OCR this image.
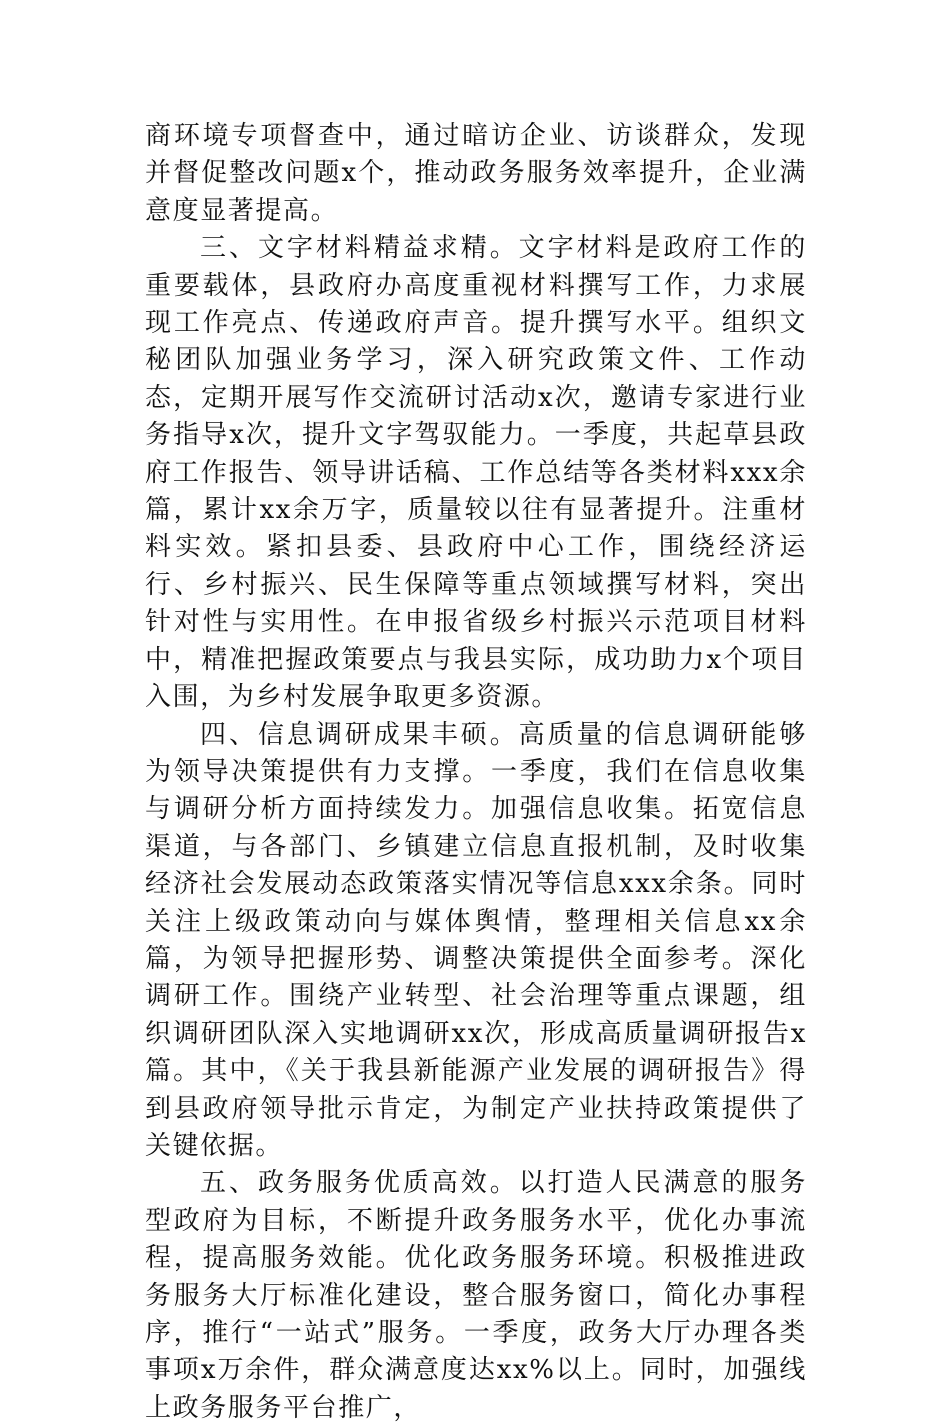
商环境专项督查中，通过暗访企业、访谈群众，发现并督促整改问题x个，推动政务服务效率提升，企业满意度显著提高。

三、文字材料精益求精。文字材料是政府工作的重要载体，县政府办高度重视材料撰写工作，力求展现工作亮点、传递政府声音。提升撰写水平。组织文秘团队加强业务学习，深入研究政策文件、工作动态，定期开展写作交流研讨活动x次，邀请专家进行业务指导x次，提升文字驾驭能力。一季度，共起草县政府工作报告、领导讲话稿、工作总结等各类材料xxx余篇，累计xx余万字，质量较以往有显著提升。注重材料实效。紧扣县委、县政府中心工作，围绕经济运行、乡村振兴、民生保障等重点领域撰写材料，突出针对性与实用性。在申报省级乡村振兴示范项目材料中，精准把握政策要点与我县实际，成功助力x个项目入围，为乡村发展争取更多资源。

四、信息调研成果丰硕。高质量的信息调研能够为领导决策提供有力支撑。一季度，我们在信息收集与调研分析方面持续发力。加强信息收集。拓宽信息渠道，与各部门、乡镇建立信息直报机制，及时收集经济社会发展动态政策落实情况等信息xxx余条。同时关注上级政策动向与媒体舆情，整理相关信息xx余篇，为领导把握形势、调整决策提供全面参考。深化调研工作。围绕产业转型、社会治理等重点课题，组织调研团队深入实地调研xx次，形成高质量调研报告x篇。其中，《关于我县新能源产业发展的调研报告》得到县政府领导批示肯定，为制定产业扶持政策提供了关键依据。

五、政务服务优质高效。以打造人民满意的服务型政府为目标，不断提升政务服务水平，优化办事流程，提高服务效能。优化政务服务环境。积极推进政务服务大厅标准化建设，整合服务窗口，简化办事程序，推行“一站式”服务。一季度，政务大厅办理各类事项x万余件，群众满意度达xx%以上。同时，加强线上政务服务平台推广，
